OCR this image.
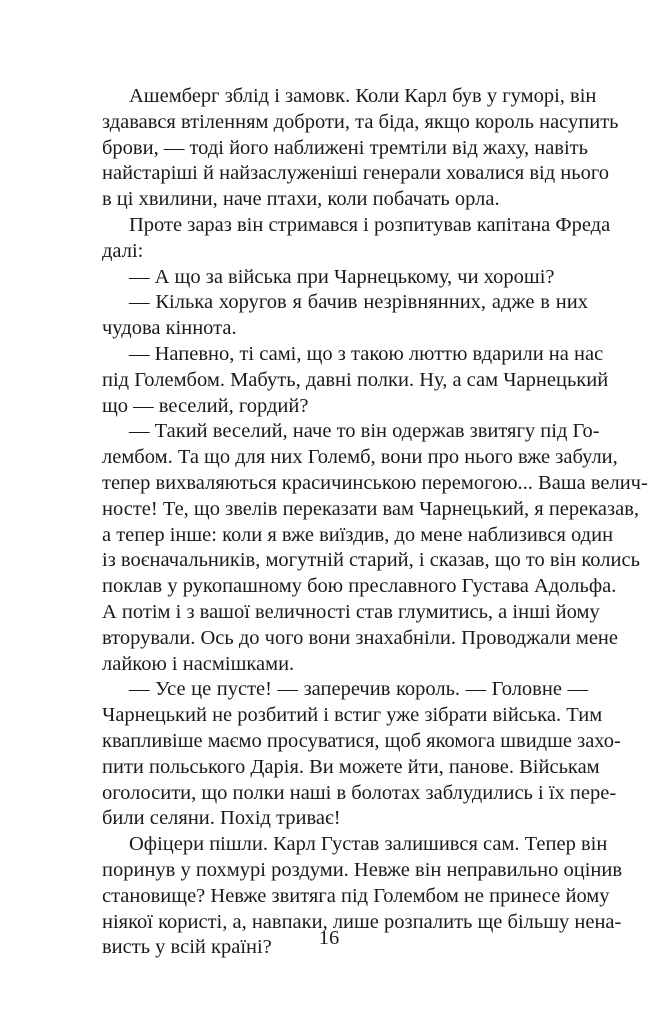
Ашемберг зблід і замовк. Коли Карл був у гуморі, він
здавався втіленням доброти, та біда, якщо король насупить
брови, — тоді його наближені тремтіли від жаху, навіть
найстаріші й найзаслуженіші генерали ховалися від нього
в ці хвилини, наче птахи, коли побачать орла.
Проте зараз він стримався і розпитував капітана Фреда
далі:
— А що за війська при Чарнецькому, чи хороші?
— Кілька хоругов я бачив незрівнянних, адже в них
чудова кіннота.
— Напевно, ті самі, що з такою люттю вдарили на нас
під Голембом. Мабуть, давні полки. Ну, а сам Чарнецький
що — веселий, гордий?
— Такий веселий, наче то він одержав звитягу під Го-
лембом. Та що для них Големб, вони про нього вже забули,
тепер вихваляються красичинською перемогою... Ваша велич-
носте! Те, що звелів переказати вам Чарнецький, я переказав,
а тепер інше: коли я вже виїздив, до мене наблизився один
із воєначальників, могутній старий, і сказав, що то він колись
поклав у рукопашному бою преславного Густава Адольфа.
А потім і з вашої величності став глумитись, а інші йому
вторували. Ось до чого вони знахабніли. Проводжали мене
лайкою і насмішками.
— Усе це пусте! — заперечив король. — Головне —
Чарнецький не розбитий і встиг уже зібрати війська. Тим
квапливіше маємо просуватися, щоб якомога швидше захо-
пити польського Дарія. Ви можете йти, панове. Військам
оголосити, що полки наші в болотах заблудились і їх пере-
били селяни. Похід триває!
Офіцери пішли. Карл Густав залишився сам. Тепер він
поринув у похмурі роздуми. Невже він неправильно оцінив
становище? Невже звитяга під Голембом не принесе йому
ніякої користі, а, навпаки, лише розпалить ще більшу нена-
висть у всій країні?	16
